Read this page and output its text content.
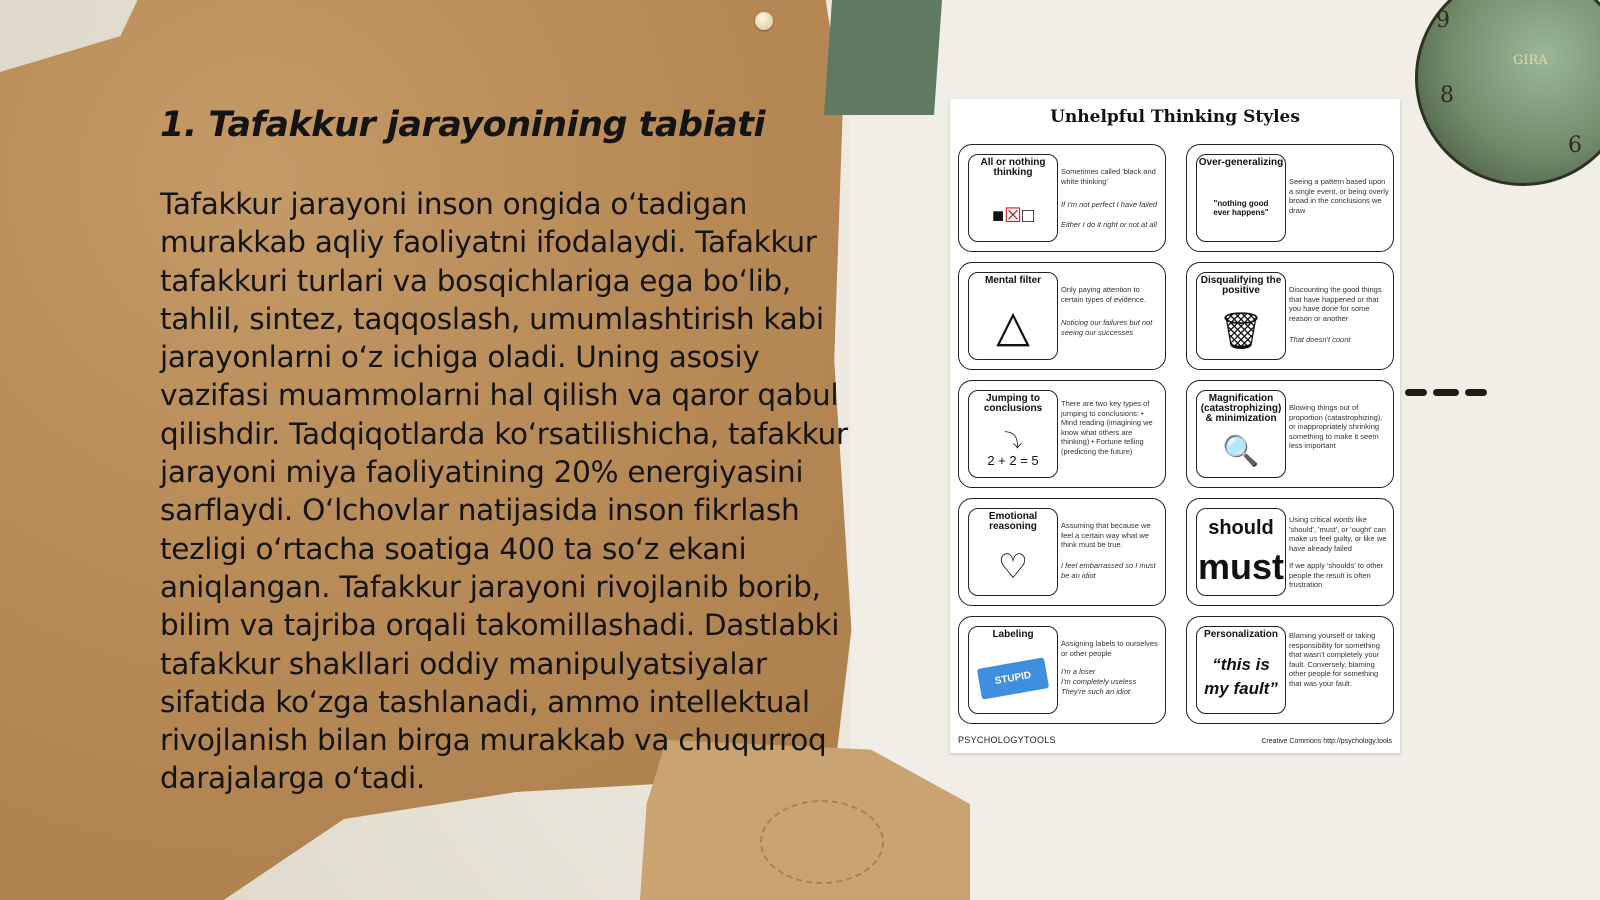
9
8
6
GIRA
1. Tafakkur jarayonining tabiati

Tafakkur jarayoni inson ongida o‘tadigan murakkab aqliy faoliyatni ifodalaydi. Tafakkur tafakkuri turlari va bosqichlariga ega bo‘lib, tahlil, sintez, taqqoslash, umumlashtirish kabi jarayonlarni o‘z ichiga oladi. Uning asosiy vazifasi muammolarni hal qilish va qaror qabul qilishdir. Tadqiqotlarda ko‘rsatilishicha, tafakkur jarayoni miya faoliyatining 20% energiyasini sarflaydi. O‘lchovlar natijasida inson fikrlash tezligi o‘rtacha soatiga 400 ta so‘z ekani aniqlangan. Tafakkur jarayoni rivojlanib borib, bilim va tajriba orqali takomillashadi. Dastlabki tafakkur shakllari oddiy manipulyatsiyalar sifatida ko‘zga tashlanadi, ammo intellektual rivojlanish bilan birga murakkab va chuqurroq darajalarga o‘tadi.

Unhelpful Thinking Styles
All or nothing thinking
■☒□
Sometimes called 'black and white thinking'
If I'm not perfect I have failed
Either I do it right or not at all
Over-generalizing
"nothing good ever happens"
Seeing a pattern based upon a single event, or being overly broad in the conclusions we draw
Mental filter
△
Only paying attention to certain types of evidence.
Noticing our failures but not seeing our successes
Disqualifying the positive
🗑
Discounting the good things that have happened or that you have done for some reason or another
That doesn't count
Jumping to conclusions
⤵
2 + 2 = 5
There are two key types of jumping to conclusions: • Mind reading (imagining we know what others are thinking) • Fortune telling (predicting the future)
Magnification (catastrophizing) & minimization
🔍
Blowing things out of proportion (catastrophizing), or inappropriately shrinking something to make it seem less important
Emotional reasoning
♡
Assuming that because we feel a certain way what we think must be true.
I feel embarrassed so I must be an idiot
should
must
Using critical words like 'should', 'must', or 'ought' can make us feel guilty, or like we have already failed
If we apply 'shoulds' to other people the result is often frustration
Labeling
STUPID
Assigning labels to ourselves or other people
I'm a loser
I'm completely useless
They're such an idiot
Personalization
“this is my fault”
Blaming yourself or taking responsibility for something that wasn't completely your fault. Conversely, blaming other people for something that was your fault.
PSYCHOLOGYTOOLS	Creative Commons http://psychology.tools
